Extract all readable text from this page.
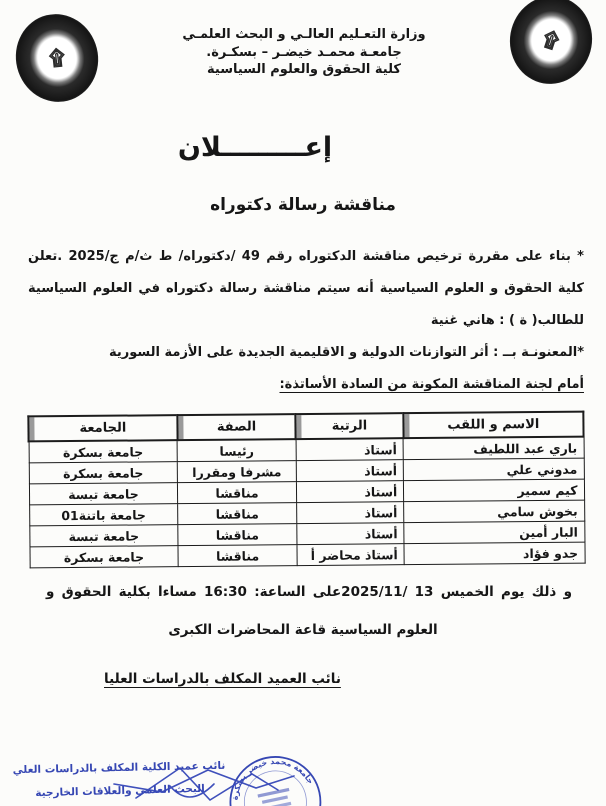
۩
وزارة التعـليم العالـي و البحث العلمـي
جامعـة محمـد خيضـر – بسكـرة.
كلية الحقوق والعلوم السياسية
۩
إعـــــــــلان
مناقشة رسالة دكتوراه
* بناء على مقررة ترخيص مناقشة الدكتوراه رقم 49 /دكتوراه/ ط ث/م ج/2025 .تعلن
كلية الحقوق و العلوم السياسية أنه سيتم مناقشة رسالة دكتوراه في العلوم السياسية
للطالب( ة ) : هاني غنية
*المعنونـة بــ : أثر التوازنات الدولية و الاقليمية الجديدة على الأزمة السورية
أمام لجنة المناقشة المكونة من السادة الأساتذة:
الاسم و اللقب	الرتبة	الصفة	الجامعة
باري عبد اللطيف	أستاذ	رئيسا	جامعة بسكرة
مدوني علي	أستاذ	مشرفا ومقررا	جامعة بسكرة
كيم سمير	أستاذ	مناقشا	جامعة تبسة
بخوش سامي	أستاذ	مناقشا	جامعة باتنة01
البار أمين	أستاذ	مناقشا	جامعة تبسة
جدو فؤاد	أستاذ محاضر أ	مناقشا	جامعة بسكرة
و ذلك يوم الخميس 2025/11/ 13على الساعة: 16:30 مساءا بكلية الحقوق و
العلوم السياسية قاعة المحاضرات الكبرى
نائب العميد المكلف بالدراسات العليا
نائب عميد الكلية المكلف بالدراسات العلي
البحث العلمي والعلاقات الخارجية	جامعة محمد خيضر بسكرة
